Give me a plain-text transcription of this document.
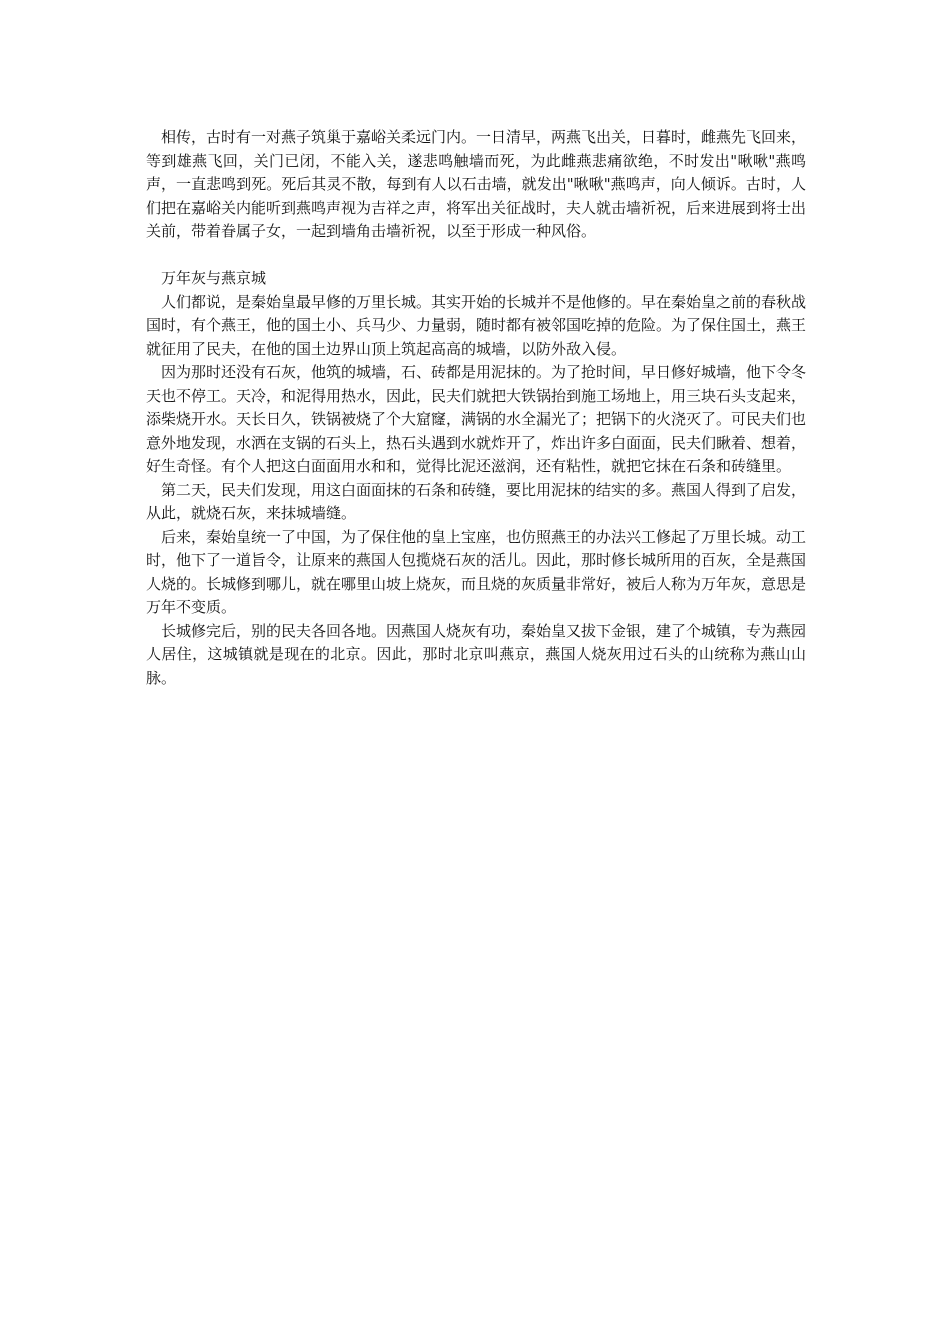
相传，古时有一对燕子筑巢于嘉峪关柔远门内。一日清早，两燕飞出关，日暮时，雌燕先飞回来，等到雄燕飞回，关门已闭，不能入关，遂悲鸣触墙而死，为此雌燕悲痛欲绝，不时发出"啾啾"燕鸣声，一直悲鸣到死。死后其灵不散，每到有人以石击墙，就发出"啾啾"燕鸣声，向人倾诉。古时，人们把在嘉峪关内能听到燕鸣声视为吉祥之声，将军出关征战时，夫人就击墙祈祝，后来进展到将士出关前，带着眷属子女，一起到墙角击墙祈祝，以至于形成一种风俗。

万年灰与燕京城

人们都说，是秦始皇最早修的万里长城。其实开始的长城并不是他修的。早在秦始皇之前的春秋战国时，有个燕王，他的国土小、兵马少、力量弱，随时都有被邻国吃掉的危险。为了保住国土，燕王就征用了民夫，在他的国土边界山顶上筑起高高的城墙，以防外敌入侵。

因为那时还没有石灰，他筑的城墙，石、砖都是用泥抹的。为了抢时间，早日修好城墙，他下令冬天也不停工。天冷，和泥得用热水，因此，民夫们就把大铁锅抬到施工场地上，用三块石头支起来，添柴烧开水。天长日久，铁锅被烧了个大窟窿，满锅的水全漏光了；把锅下的火浇灭了。可民夫们也意外地发现，水洒在支锅的石头上，热石头遇到水就炸开了，炸出许多白面面，民夫们瞅着、想着，好生奇怪。有个人把这白面面用水和和，觉得比泥还滋润，还有粘性，就把它抹在石条和砖缝里。

第二天，民夫们发现，用这白面面抹的石条和砖缝，要比用泥抹的结实的多。燕国人得到了启发，从此，就烧石灰，来抹城墙缝。

后来，秦始皇统一了中国，为了保住他的皇上宝座，也仿照燕王的办法兴工修起了万里长城。动工时，他下了一道旨令，让原来的燕国人包揽烧石灰的活儿。因此，那时修长城所用的百灰，全是燕国人烧的。长城修到哪儿，就在哪里山坡上烧灰，而且烧的灰质量非常好，被后人称为万年灰，意思是万年不变质。

长城修完后，别的民夫各回各地。因燕国人烧灰有功，秦始皇又拔下金银，建了个城镇，专为燕园人居住，这城镇就是现在的北京。因此，那时北京叫燕京，燕国人烧灰用过石头的山统称为燕山山脉。
